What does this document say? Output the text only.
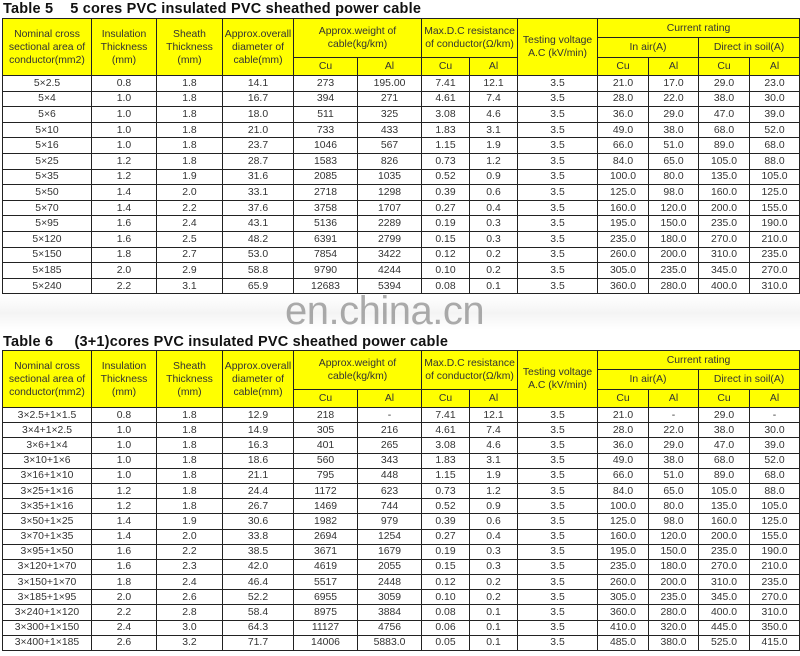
Table 5 5 cores PVC insulated PVC sheathed power cable
Nominal cross sectional area of conductor(mm2)	Insulation Thickness (mm)	Sheath Thickness (mm)	Approx.overall diameter of cable(mm)	Approx.weight of cable(kg/km)		Max.D.C resistance of conductor(Ω/km)		Testing voltage A.C (kV/min)	Current rating			
									In air(A)		Direct in soil(A)	
				Cu	Al	Cu	Al		Cu	Al	Cu	Al
5×2.5	0.8	1.8	14.1	273	195.00	7.41	12.1	3.5	21.0	17.0	29.0	23.0
5×4	1.0	1.8	16.7	394	271	4.61	7.4	3.5	28.0	22.0	38.0	30.0
5×6	1.0	1.8	18.0	511	325	3.08	4.6	3.5	36.0	29.0	47.0	39.0
5×10	1.0	1.8	21.0	733	433	1.83	3.1	3.5	49.0	38.0	68.0	52.0
5×16	1.0	1.8	23.7	1046	567	1.15	1.9	3.5	66.0	51.0	89.0	68.0
5×25	1.2	1.8	28.7	1583	826	0.73	1.2	3.5	84.0	65.0	105.0	88.0
5×35	1.2	1.9	31.6	2085	1035	0.52	0.9	3.5	100.0	80.0	135.0	105.0
5×50	1.4	2.0	33.1	2718	1298	0.39	0.6	3.5	125.0	98.0	160.0	125.0
5×70	1.4	2.2	37.6	3758	1707	0.27	0.4	3.5	160.0	120.0	200.0	155.0
5×95	1.6	2.4	43.1	5136	2289	0.19	0.3	3.5	195.0	150.0	235.0	190.0
5×120	1.6	2.5	48.2	6391	2799	0.15	0.3	3.5	235.0	180.0	270.0	210.0
5×150	1.8	2.7	53.0	7854	3422	0.12	0.2	3.5	260.0	200.0	310.0	235.0
5×185	2.0	2.9	58.8	9790	4244	0.10	0.2	3.5	305.0	235.0	345.0	270.0
5×240	2.2	3.1	65.9	12683	5394	0.08	0.1	3.5	360.0	280.0	400.0	310.0
en.china.cn
Table 6 (3+1)cores PVC insulated PVC sheathed power cable
Nominal cross sectional area of conductor(mm2)	Insulation Thickness (mm)	Sheath Thickness (mm)	Approx.overall diameter of cable(mm)	Approx.weight of cable(kg/km)		Max.D.C resistance of conductor(Ω/km)		Testing voltage A.C (kV/min)	Current rating			
									In air(A)		Direct in soil(A)	
				Cu	Al	Cu	Al		Cu	Al	Cu	Al
3×2.5+1×1.5	0.8	1.8	12.9	218	-	7.41	12.1	3.5	21.0	-	29.0	-
3×4+1×2.5	1.0	1.8	14.9	305	216	4.61	7.4	3.5	28.0	22.0	38.0	30.0
3×6+1×4	1.0	1.8	16.3	401	265	3.08	4.6	3.5	36.0	29.0	47.0	39.0
3×10+1×6	1.0	1.8	18.6	560	343	1.83	3.1	3.5	49.0	38.0	68.0	52.0
3×16+1×10	1.0	1.8	21.1	795	448	1.15	1.9	3.5	66.0	51.0	89.0	68.0
3×25+1×16	1.2	1.8	24.4	1172	623	0.73	1.2	3.5	84.0	65.0	105.0	88.0
3×35+1×16	1.2	1.8	26.7	1469	744	0.52	0.9	3.5	100.0	80.0	135.0	105.0
3×50+1×25	1.4	1.9	30.6	1982	979	0.39	0.6	3.5	125.0	98.0	160.0	125.0
3×70+1×35	1.4	2.0	33.8	2694	1254	0.27	0.4	3.5	160.0	120.0	200.0	155.0
3×95+1×50	1.6	2.2	38.5	3671	1679	0.19	0.3	3.5	195.0	150.0	235.0	190.0
3×120+1×70	1.6	2.3	42.0	4619	2055	0.15	0.3	3.5	235.0	180.0	270.0	210.0
3×150+1×70	1.8	2.4	46.4	5517	2448	0.12	0.2	3.5	260.0	200.0	310.0	235.0
3×185+1×95	2.0	2.6	52.2	6955	3059	0.10	0.2	3.5	305.0	235.0	345.0	270.0
3×240+1×120	2.2	2.8	58.4	8975	3884	0.08	0.1	3.5	360.0	280.0	400.0	310.0
3×300+1×150	2.4	3.0	64.3	11127	4756	0.06	0.1	3.5	410.0	320.0	445.0	350.0
3×400+1×185	2.6	3.2	71.7	14006	5883.0	0.05	0.1	3.5	485.0	380.0	525.0	415.0
